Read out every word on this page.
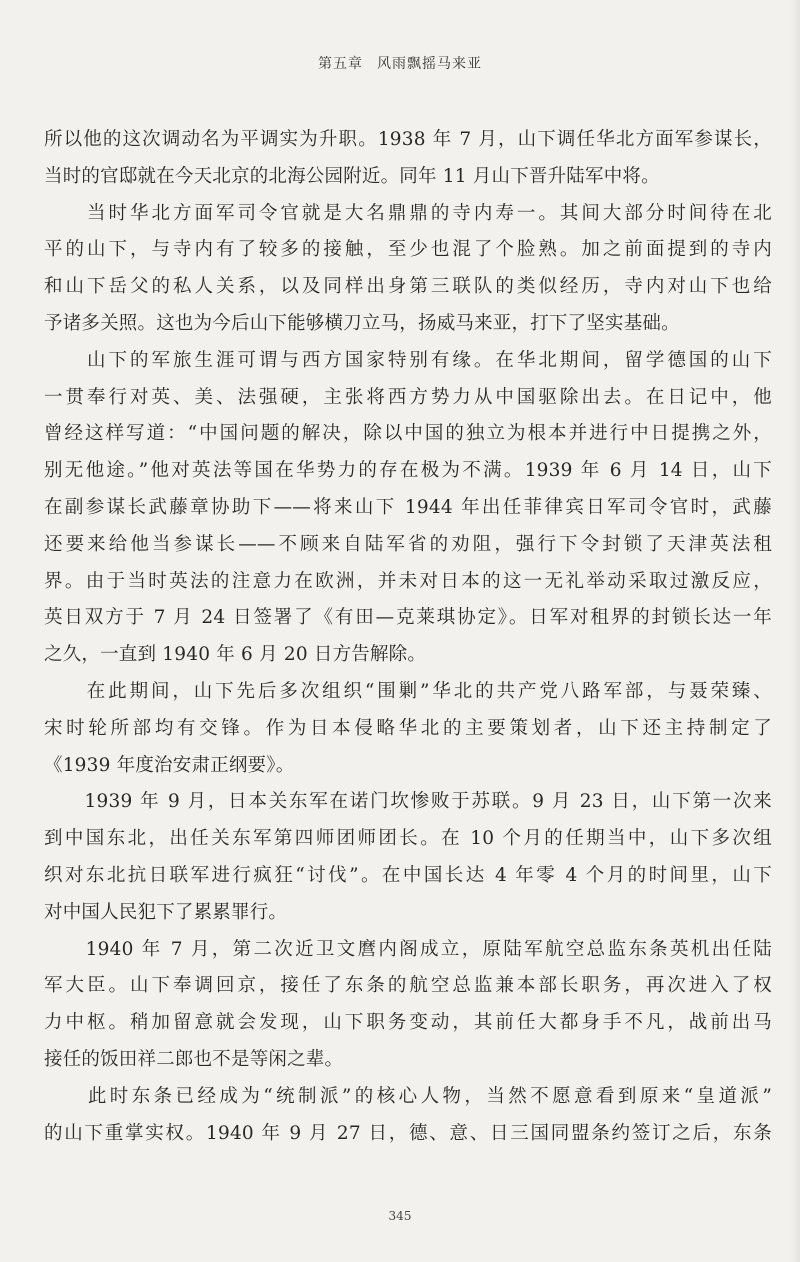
第五章 风雨飘摇马来亚
所以他的这次调动名为平调实为升职。1938 年 7 月，山下调任华北方面军参谋长，
当时的官邸就在今天北京的北海公园附近。同年 11 月山下晋升陆军中将。
　　当时华北方面军司令官就是大名鼎鼎的寺内寿一。其间大部分时间待在北
平的山下，与寺内有了较多的接触，至少也混了个脸熟。加之前面提到的寺内
和山下岳父的私人关系，以及同样出身第三联队的类似经历，寺内对山下也给
予诸多关照。这也为今后山下能够横刀立马，扬威马来亚，打下了坚实基础。
　　山下的军旅生涯可谓与西方国家特别有缘。在华北期间，留学德国的山下
一贯奉行对英、美、法强硬，主张将西方势力从中国驱除出去。在日记中，他
曾经这样写道：“中国问题的解决，除以中国的独立为根本并进行中日提携之外，
别无他途。”他对英法等国在华势力的存在极为不满。1939 年 6 月 14 日，山下
在副参谋长武藤章协助下——将来山下 1944 年出任菲律宾日军司令官时，武藤
还要来给他当参谋长——不顾来自陆军省的劝阻，强行下令封锁了天津英法租
界。由于当时英法的注意力在欧洲，并未对日本的这一无礼举动采取过激反应，
英日双方于 7 月 24 日签署了《有田—克莱琪协定》。日军对租界的封锁长达一年
之久，一直到 1940 年 6 月 20 日方告解除。
　　在此期间，山下先后多次组织“围剿”华北的共产党八路军部，与聂荣臻、
宋时轮所部均有交锋。作为日本侵略华北的主要策划者，山下还主持制定了
《1939 年度治安肃正纲要》。
　　1939 年 9 月，日本关东军在诺门坎惨败于苏联。9 月 23 日，山下第一次来
到中国东北，出任关东军第四师团师团长。在 10 个月的任期当中，山下多次组
织对东北抗日联军进行疯狂“讨伐”。在中国长达 4 年零 4 个月的时间里，山下
对中国人民犯下了累累罪行。
　　1940 年 7 月，第二次近卫文麿内阁成立，原陆军航空总监东条英机出任陆
军大臣。山下奉调回京，接任了东条的航空总监兼本部长职务，再次进入了权
力中枢。稍加留意就会发现，山下职务变动，其前任大都身手不凡，战前出马
接任的饭田祥二郎也不是等闲之辈。
　　此时东条已经成为“统制派”的核心人物，当然不愿意看到原来“皇道派”
的山下重掌实权。1940 年 9 月 27 日，德、意、日三国同盟条约签订之后，东条
345
